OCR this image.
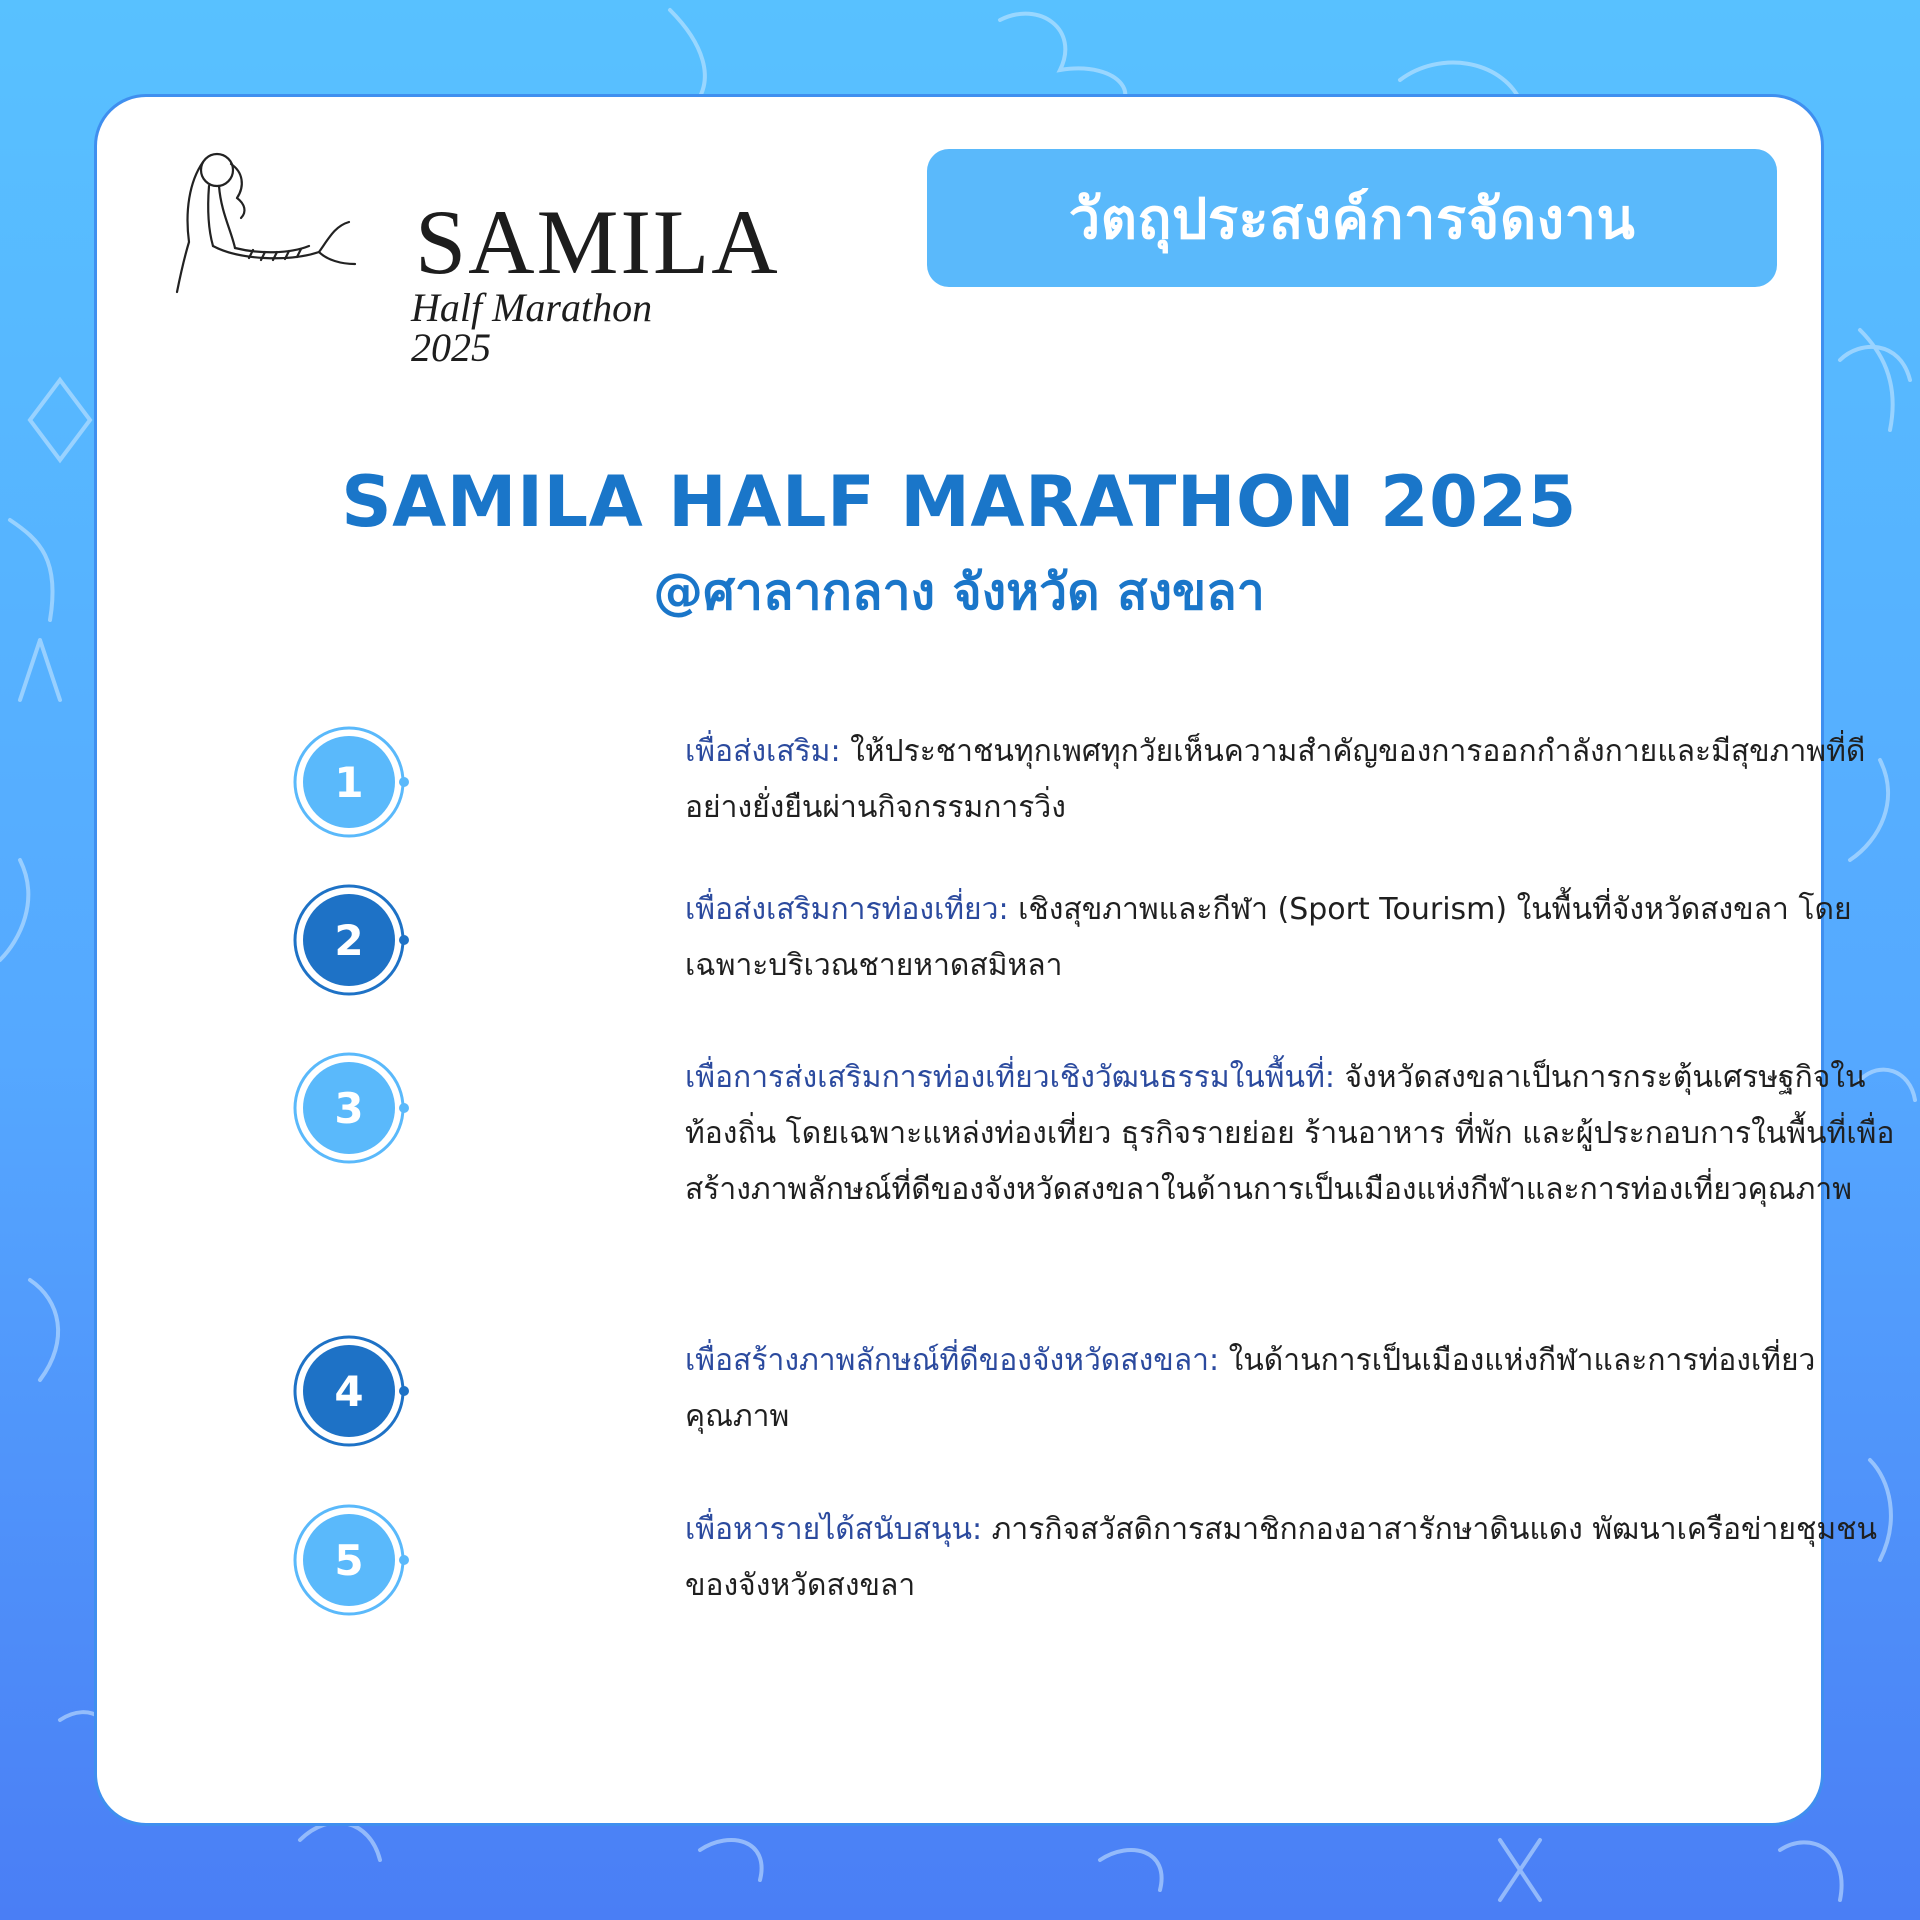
SAMILA
Half Marathon 2025
วัตถุประสงค์การจัดงาน
SAMILA HALF MARATHON 2025
@ศาลากลาง จังหวัด สงขลา
1
เพื่อส่งเสริม: ให้ประชาชนทุกเพศทุกวัยเห็นความสำคัญของการออกกำลังกายและมีสุขภาพที่ดีอย่างยั่งยืนผ่านกิจกรรมการวิ่ง
2
เพื่อส่งเสริมการท่องเที่ยว: เชิงสุขภาพและกีฬา (Sport Tourism) ในพื้นที่จังหวัดสงขลา โดยเฉพาะบริเวณชายหาดสมิหลา
3
เพื่อการส่งเสริมการท่องเที่ยวเชิงวัฒนธรรมในพื้นที่: จังหวัดสงขลาเป็นการกระตุ้นเศรษฐกิจในท้องถิ่น โดยเฉพาะแหล่งท่องเที่ยว ธุรกิจรายย่อย ร้านอาหาร ที่พัก และผู้ประกอบการในพื้นที่เพื่อสร้างภาพลักษณ์ที่ดีของจังหวัดสงขลาในด้านการเป็นเมืองแห่งกีฬาและการท่องเที่ยวคุณภาพ
4
เพื่อสร้างภาพลักษณ์ที่ดีของจังหวัดสงขลา: ในด้านการเป็นเมืองแห่งกีฬาและการท่องเที่ยวคุณภาพ
5
เพื่อหารายได้สนับสนุน: ภารกิจสวัสดิการสมาชิกกองอาสารักษาดินแดง พัฒนาเครือข่ายชุมชนของจังหวัดสงขลา
